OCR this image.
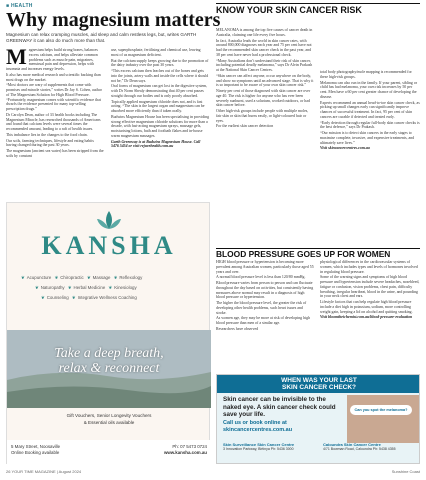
■ HEALTH
Why magnesium matters
Magnesium can relax cramping muscles, aid sleep and calm restless legs, but, writes GARTH GREENWAY it can also do much more than that.

Magnesium helps build strong bones, balances excess calcium, and helps alleviate common problems such as muscle pain, migraines, menstrual pain and depression, helps with insomnia and increases energy levels.

It also has more medical research and scientific backing than most drugs on the market.

“Most doctors are wary of supplements that come with promises and miracle stories,” writes Dr Jay S. Cohen, author of The Magnesium Solution for High Blood Pressure. “Fortunately, magnesium comes with scientific evidence that dwarfs the evidence presented for many top-selling prescription drugs.”

Dr Carolyn Dean, author of 33 health books including The Magnesium Miracle, has researched thousands of Americans and found that calcium levels were several times the recommended amount, leading to a raft of health issues.

This imbalance lies in the changes to the food chain.

Our soils, farming techniques, lifestyle and eating habits having changed during the past 30 years.

The magnesium (ancient sea water) has been stripped from the soils by constant

use, superphosphate, fertilising and chemical use, leaving most of us magnesium deficient.

But the calcium supply keeps growing due to the promotion of the dairy industry over the past 30 years.

“This excess calcium then leaches out of the bones and gets into the joints, artery walls and inside the cells where it should not be,” Dr Dean says.

Oral forms of magnesium can get lost in the digestive system, with Dr Norm Shealy demonstrating that 40 per cent passes straight through our bodies and is only poorly absorbed.

Topically applied magnesium chloride does not, and is fast acting. “The skin is the largest organ and magnesium can be absorbed more efficiently than if taken orally.

Budwins Magnesium House has been specialising in providing strong effective magnesium chloride solutions for more than a decade, with fast-acting magnesium sprays, massage gels, moisturising lotions, bath and footbath flakes and in-house warm magnesium massages.

Garth Greenway is at Budwins Magnesium House. Call 5476 5454 or visit rejuvehealth.com.au

KNOW YOUR SKIN CANCER RISK

MELANOMA is among the top five causes of cancer death in Australia, claiming one life every five hours.

In fact, Australia leads the world in skin cancer rates, with around 800,000 diagnoses each year and 75 per cent have not had the recommended skin cancer check in the past year, and 38 per cent have never had a professional check.

“Many Australians don’t understand their risk of skin cancer, including potential deadly melanoma,” says Dr Alvin Prakash at the National Skin Cancer Centres.

“Skin cancer can affect anyone, occur anywhere on the body, and show no symptoms until an advanced stage. That is why it is so important to be aware of your own skin cancer risk.”

Ninety per cent of those diagnosed with skin cancer are over age 40. The risk is higher for anyone who has ever been severely sunburnt, used a solarium, worked outdoors, or had skin cancer before.

Other high-risk groups include people with multiple moles, fair skin or skin that burns easily, or light-coloured hair or eyes.

For the earliest skin cancer detection

total body photography/mole mapping is recommended for these high-risk groups.

Melanoma can also run in the family. If your parent, sibling or child has had melanoma, your own risk increases by 50 per cent. Men have a 60 per cent greater chance of developing the disease.

Experts recommend an annual head-to-toe skin cancer check, as picking up small changes early can significantly improve chances of successful treatment. In fact, 95 per cent of skin cancers are curable if detected and treated early.

“Early detection through regular full-body skin cancer checks is the best defence,” says Dr Prakash.

“Our mission is to detect skin cancers in the early stages to maximise complete, invasive, and expensive treatments, and ultimately save lives.”

Visit skincancercentres.com.au

BLOOD PRESSURE GOES UP FOR WOMEN

HIGH blood pressure or hypertension is becoming more prevalent among Australian women, particularly those aged 55 years and over.

A normal blood pressure level is less than 120/80 mmHg.

Blood pressure varies from person to person and can fluctuate throughout the day based on activities, but consistently having measures above normal may result in a diagnosis of high blood pressure or hypertension.

The higher the blood pressure level, the greater the risk of developing other health problems, such heart issues and stroke.

As women age, they may be more at risk of developing high blood pressure than men of a similar age.

Researchers have observed

physiological differences in the cardiovascular systems of women, which includes types and levels of hormones involved in regulating blood pressure.

Some of the warning signs and symptoms of high blood pressure and hypertension include severe headaches, nosebleed, fatigue or confusion, vision problems, chest pain, difficulty breathing, irregular heartbeat, blood in the urine, and pounding in your neck chest and ears.

Lifestyle factors that can help regulate high blood pressure include a diet high in potassium, sodium, more controlling weight gain, keeping a lid on alcohol and quitting smoking.

Visit bloomtheichemist.com.au/blood-pressure-evaluation

KANSHA
❦ Acupuncture ❦ Chiropractic ❦ Massage ❦ Reflexology
❦ Naturopathy ❦ Herbal Medicine ❦ Kinesiology
❦ Counseling ❦ Integrative Wellness Coaching
Take a deep breath,
relax & reconnect
Gift Vouchers, Senior Longevity Vouchers
& Essential oils available
5 Mary Street, Noosaville
Online Booking available
Ph: 07 5473 0724
www.kansha.com.au
WHEN WAS YOUR LAST
SKIN CANCER CHECK?
Skin cancer can be invisible to the naked eye. A skin cancer check could save your life.
Call us or book online at
skincancercentres.com.au
Can you spot the melanoma?
Skin Surveillance Skin Cancer Centre
3 Innovation Parkway, Birtinya Ph: 5436 3000
Caloundra Skin Cancer Centre
4/71 Bowman Road, Caloundra Ph: 5438 4355
26 YOUR TIME MAGAZINE | August 2024	Sunshine Coast
